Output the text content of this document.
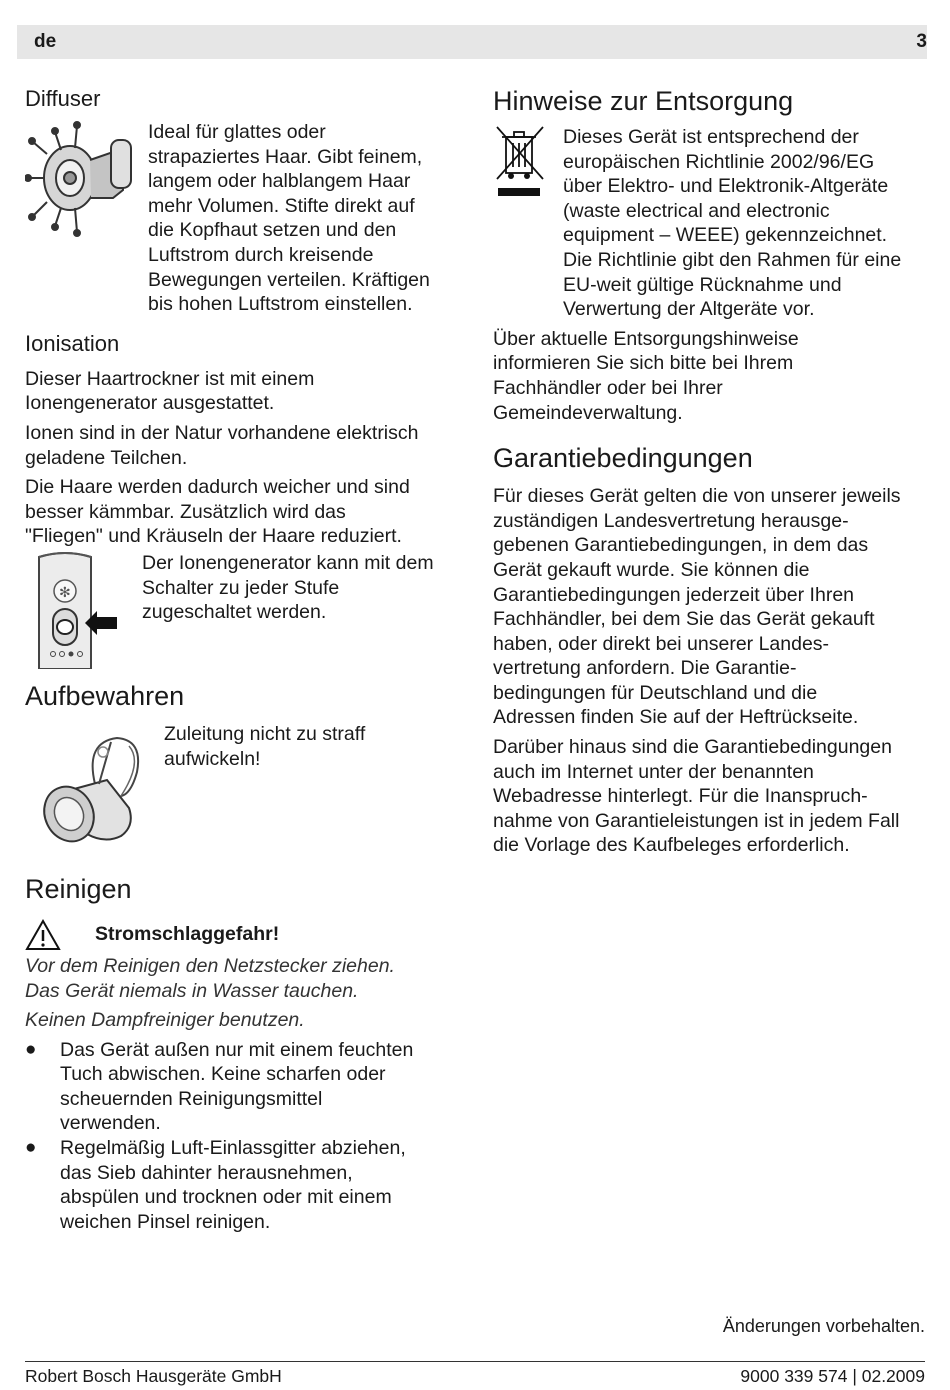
de	3
Diffuser
Ideal für glattes oder
strapaziertes Haar. Gibt feinem,
langem oder halblangem Haar
mehr Volumen. Stifte direkt auf
die Kopfhaut setzen und den
Luftstrom durch kreisende
Bewegungen verteilen. Kräftigen
bis hohen Luftstrom einstellen.
Ionisation

Dieser Haartrockner ist mit einem
Ionengenerator ausgestattet.

Ionen sind in der Natur vorhandene elektrisch
geladene Teilchen.

Die Haare werden dadurch weicher und sind
besser kämmbar. Zusätzlich wird das
"Fliegen" und Kräuseln der Haare reduziert.

✻
Der Ionengenerator kann mit dem
Schalter zu jeder Stufe
zugeschaltet werden.
Aufbewahren
Zuleitung nicht zu straff
aufwickeln!
Reinigen
Stromschlaggefahr!

Vor dem Reinigen den Netzstecker ziehen.
Das Gerät niemals in Wasser tauchen.

Keinen Dampfreiniger benutzen.

●	Das Gerät außen nur mit einem feuchten
Tuch abwischen. Keine scharfen oder
scheuernden Reinigungsmittel
verwenden.
●	Regelmäßig Luft-Einlassgitter abziehen,
das Sieb dahinter herausnehmen,
abspülen und trocknen oder mit einem
weichen Pinsel reinigen.
Hinweise zur Entsorgung
Dieses Gerät ist entsprechend der
europäischen Richtlinie 2002/96/EG
über Elektro- und Elektronik-Altgeräte
(waste electrical and electronic
equipment – WEEE) gekennzeichnet.
Die Richtlinie gibt den Rahmen für eine
EU-weit gültige Rücknahme und
Verwertung der Altgeräte vor.

Über aktuelle Entsorgungshinweise
informieren Sie sich bitte bei Ihrem
Fachhändler oder bei Ihrer
Gemeindeverwaltung.

Garantiebedingungen

Für dieses Gerät gelten die von unserer jeweils
zuständigen Landesvertretung herausge-
gebenen Garantiebedingungen, in dem das
Gerät gekauft wurde. Sie können die
Garantiebedingungen jederzeit über Ihren
Fachhändler, bei dem Sie das Gerät gekauft
haben, oder direkt bei unserer Landes-
vertretung anfordern. Die Garantie-
bedingungen für Deutschland und die
Adressen finden Sie auf der Heftrückseite.

Darüber hinaus sind die Garantiebedingungen
auch im Internet unter der benannten
Webadresse hinterlegt. Für die Inanspruch-
nahme von Garantieleistungen ist in jedem Fall
die Vorlage des Kaufbeleges erforderlich.

Änderungen vorbehalten.
Robert Bosch Hausgeräte GmbH	9000 339 574 | 02.2009
